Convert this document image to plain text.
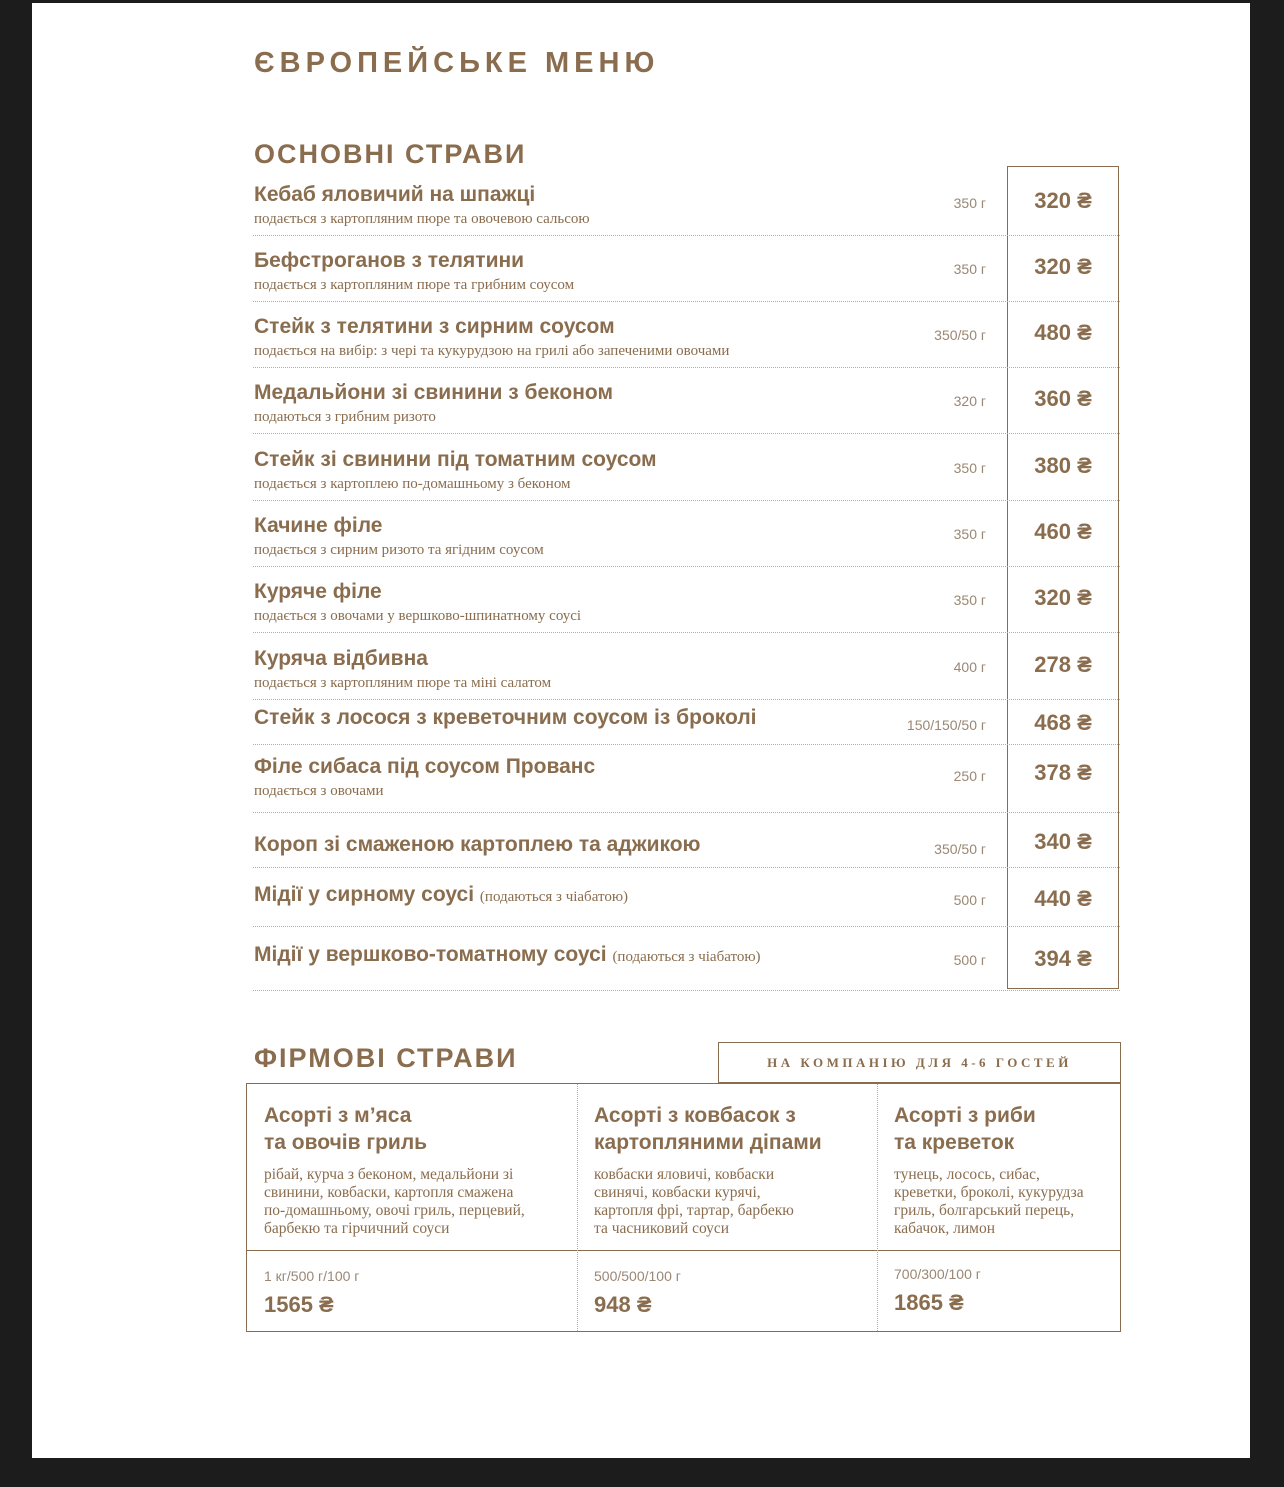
ЄВРОПЕЙСЬКЕ МЕНЮ
ОСНОВНІ СТРАВИ
Кебаб яловичий на шпажці
подається з картопляним пюре та овочевою сальсою
350 г	320 ₴
Бефстроганов з телятини
подається з картопляним пюре та грибним соусом
350 г	320 ₴
Стейк з телятини з сирним соусом
подається на вибір: з чері та кукурудзою на грилі або запеченими овочами
350/50 г	480 ₴
Медальйони зі свинини з беконом
подаються з грибним ризото
320 г	360 ₴
Стейк зі свинини під томатним соусом
подається з картоплею по-домашньому з беконом
350 г	380 ₴
Качине філе
подається з сирним ризото та ягідним соусом
350 г	460 ₴
Куряче філе
подається з овочами у вершково-шпинатному соусі
350 г	320 ₴
Куряча відбивна
подається з картопляним пюре та міні салатом
400 г	278 ₴
Стейк з лосося з креветочним соусом із броколі	150/150/50 г	468 ₴
Філе сибаса під соусом Прованс
подається з овочами
250 г	378 ₴
Короп зі смаженою картоплею та аджикою	350/50 г	340 ₴
Мідії у сирному соусі (подаються з чіабатою)	500 г	440 ₴
Мідії у вершково-томатному соусі (подаються з чіабатою)	500 г	394 ₴
ФІРМОВІ СТРАВИ	НА КОМПАНІЮ ДЛЯ 4-6 ГОСТЕЙ
Асорті з м’яса
та овочів гриль
рібай, курча з беконом, медальйони зі
свинини, ковбаски, картопля смажена
по-домашньому, овочі гриль, перцевий,
барбекю та гірчичний соуси
1 кг/500 г/100 г
1565 ₴
Асорті з ковбасок з
картопляними діпами
ковбаски яловичі, ковбаски
свинячі, ковбаски курячі,
картопля фрі, тартар, барбекю
та часниковий соуси
500/500/100 г
948 ₴
Асорті з риби
та креветок
тунець, лосось, сибас,
креветки, броколі, кукурудза
гриль, болгарський перець,
кабачок, лимон
700/300/100 г
1865 ₴
